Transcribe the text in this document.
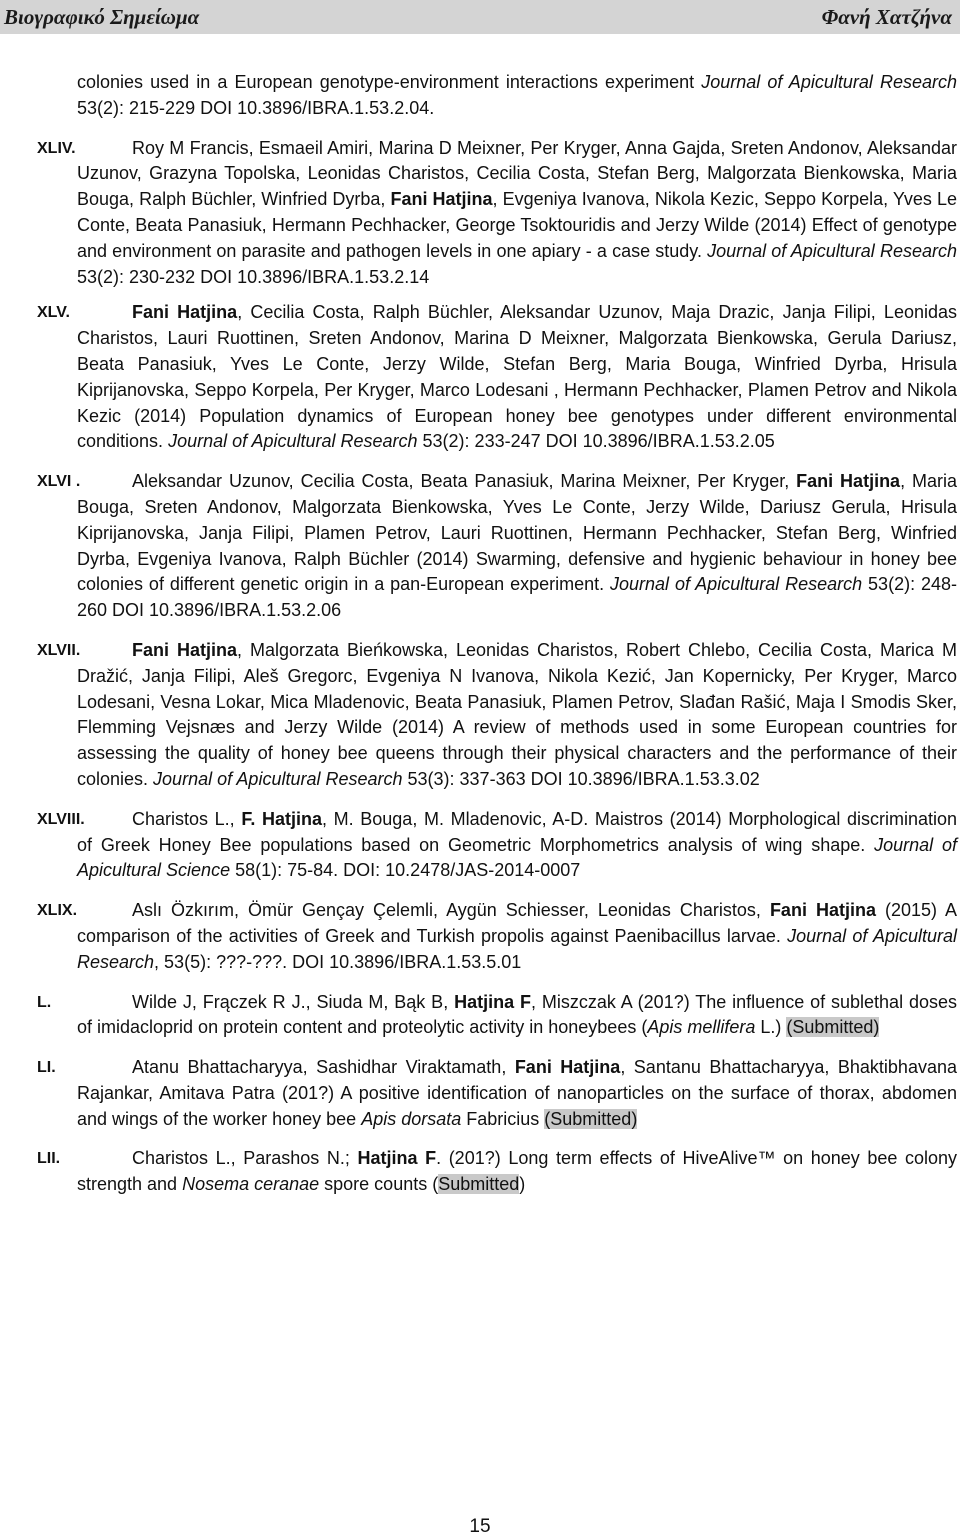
Βιογραφικό Σημείωμα	Φανή Χατζήνα
colonies used in a European genotype-environment interactions experiment Journal of Apicultural Research 53(2): 215-229 DOI 10.3896/IBRA.1.53.2.04.
XLIV.	Roy M Francis, Esmaeil Amiri, Marina D Meixner, Per Kryger, Anna Gajda, Sreten Andonov, Aleksandar Uzunov, Grazyna Topolska, Leonidas Charistos, Cecilia Costa, Stefan Berg, Malgorzata Bienkowska, Maria Bouga, Ralph Büchler, Winfried Dyrba, Fani Hatjina, Evgeniya Ivanova, Nikola Kezic, Seppo Korpela, Yves Le Conte, Beata Panasiuk, Hermann Pechhacker, George Tsoktouridis and Jerzy Wilde (2014) Effect of genotype and environment on parasite and pathogen levels in one apiary - a case study. Journal of Apicultural Research 53(2): 230-232 DOI 10.3896/IBRA.1.53.2.14
XLV.	Fani Hatjina, Cecilia Costa, Ralph Büchler, Aleksandar Uzunov, Maja Drazic, Janja Filipi, Leonidas Charistos, Lauri Ruottinen, Sreten Andonov, Marina D Meixner, Malgorzata Bienkowska, Gerula Dariusz, Beata Panasiuk, Yves Le Conte, Jerzy Wilde, Stefan Berg, Maria Bouga, Winfried Dyrba, Hrisula Kiprijanovska, Seppo Korpela, Per Kryger, Marco Lodesani , Hermann Pechhacker, Plamen Petrov and Nikola Kezic (2014) Population dynamics of European honey bee genotypes under different environmental conditions. Journal of Apicultural Research 53(2): 233-247 DOI 10.3896/IBRA.1.53.2.05
XLVI .	Aleksandar Uzunov, Cecilia Costa, Beata Panasiuk, Marina Meixner, Per Kryger, Fani Hatjina, Maria Bouga, Sreten Andonov, Malgorzata Bienkowska, Yves Le Conte, Jerzy Wilde, Dariusz Gerula, Hrisula Kiprijanovska, Janja Filipi, Plamen Petrov, Lauri Ruottinen, Hermann Pechhacker, Stefan Berg, Winfried Dyrba, Evgeniya Ivanova, Ralph Büchler (2014) Swarming, defensive and hygienic behaviour in honey bee colonies of different genetic origin in a pan-European experiment. Journal of Apicultural Research 53(2): 248-260 DOI 10.3896/IBRA.1.53.2.06
XLVII.	Fani Hatjina, Malgorzata Bieńkowska, Leonidas Charistos, Robert Chlebo, Cecilia Costa, Marica M Dražić, Janja Filipi, Aleš Gregorc, Evgeniya N Ivanova, Nikola Kezić, Jan Kopernicky, Per Kryger, Marco Lodesani, Vesna Lokar, Mica Mladenovic, Beata Panasiuk, Plamen Petrov, Slađan Rašić, Maja I Smodis Sker, Flemming Vejsnæs and Jerzy Wilde (2014) A review of methods used in some European countries for assessing the quality of honey bee queens through their physical characters and the performance of their colonies. Journal of Apicultural Research 53(3): 337-363 DOI 10.3896/IBRA.1.53.3.02
XLVIII.	Charistos L., F. Hatjina, M. Bouga, M. Mladenovic, A-D. Maistros (2014) Morphological discrimination of Greek Honey Bee populations based on Geometric Morphometrics analysis of wing shape. Journal of Apicultural Science 58(1): 75-84. DOI: 10.2478/JAS-2014-0007
XLIX.	Aslı Özkırım, Ömür Gençay Çelemli, Aygün Schiesser, Leonidas Charistos, Fani Hatjina (2015) A comparison of the activities of Greek and Turkish propolis against Paenibacillus larvae. Journal of Apicultural Research, 53(5): ???-???. DOI 10.3896/IBRA.1.53.5.01
L.	Wilde J, Frączek R J., Siuda M, Bąk B, Hatjina F, Miszczak A (201?) The influence of sublethal doses of imidacloprid on protein content and proteolytic activity in honeybees (Apis mellifera L.) (Submitted)
LI.	Atanu Bhattacharyya, Sashidhar Viraktamath, Fani Hatjina, Santanu Bhattacharyya, Bhaktibhavana Rajankar, Amitava Patra (201?) A positive identification of nanoparticles on the surface of thorax, abdomen and wings of the worker honey bee Apis dorsata Fabricius (Submitted)
LII.	Charistos L., Parashos N.; Hatjina F. (201?) Long term effects of HiveAlive™ on honey bee colony strength and Nosema ceranae spore counts (Submitted)
15
